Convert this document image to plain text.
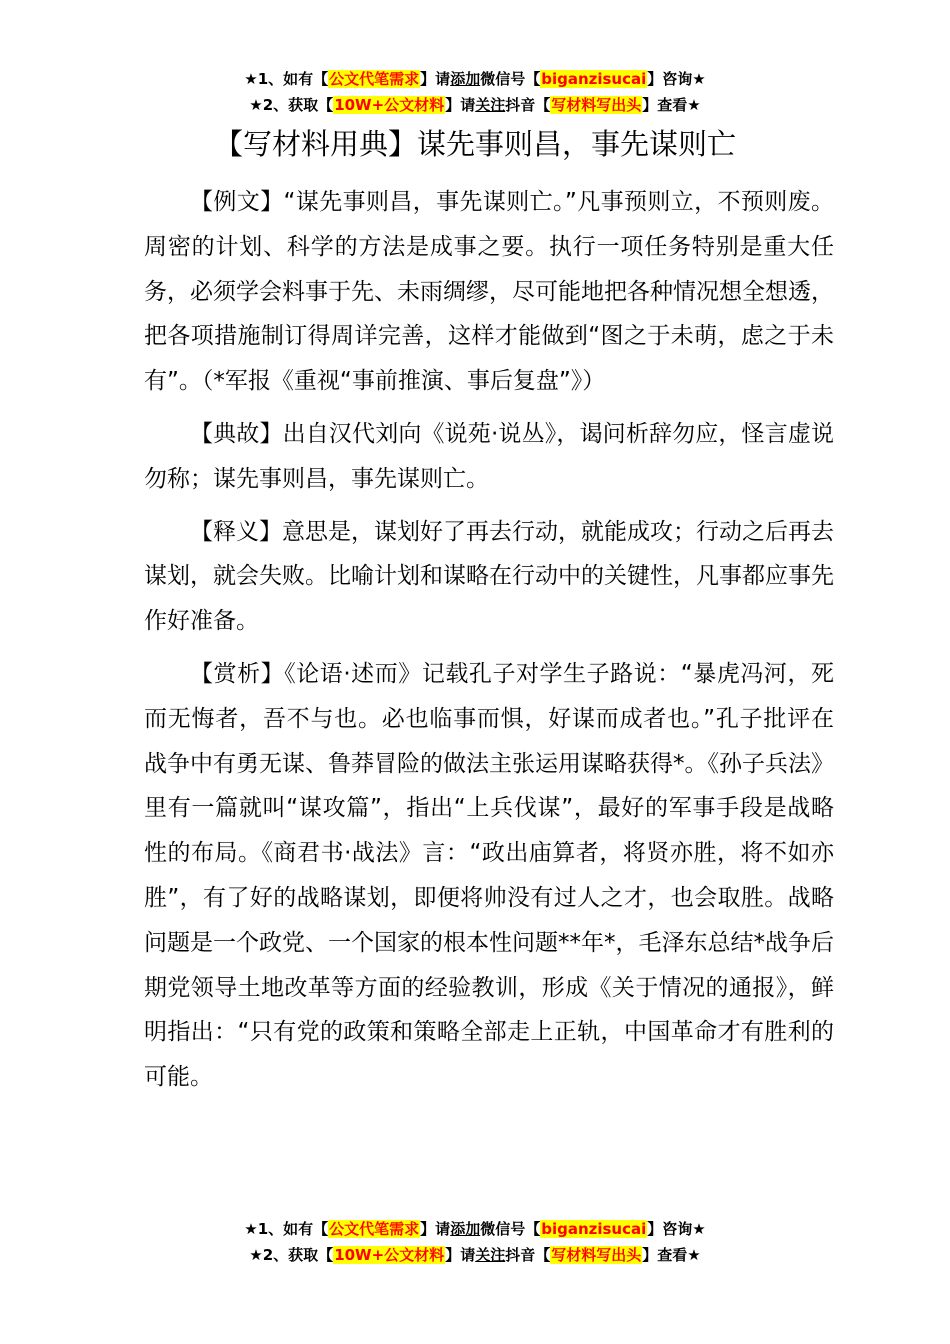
★1、如有【公文代笔需求】请添加微信号【biganzisucai】咨询★
★2、获取【10W+公文材料】请关注抖音【写材料写出头】查看★
【写材料用典】谋先事则昌，事先谋则亡

【例文】“谋先事则昌，事先谋则亡。”凡事预则立，不预则废。周密的计划、科学的方法是成事之要。执行一项任务特别是重大任务，必须学会料事于先、未雨绸缪，尽可能地把各种情况想全想透，把各项措施制订得周详完善，这样才能做到“图之于未萌，虑之于未有”。（*军报《重视“事前推演、事后复盘”》）

【典故】出自汉代刘向《说苑·说丛》，谒问析辞勿应，怪言虚说勿称；谋先事则昌，事先谋则亡。

【释义】意思是，谋划好了再去行动，就能成攻；行动之后再去谋划，就会失败。比喻计划和谋略在行动中的关键性，凡事都应事先作好准备。

【赏析】《论语·述而》记载孔子对学生子路说：“暴虎冯河，死而无悔者，吾不与也。必也临事而惧，好谋而成者也。”孔子批评在战争中有勇无谋、鲁莽冒险的做法主张运用谋略获得*。《孙子兵法》里有一篇就叫“谋攻篇”，指出“上兵伐谋”，最好的军事手段是战略性的布局。《商君书·战法》言：“政出庙算者，将贤亦胜，将不如亦胜”，有了好的战略谋划，即便将帅没有过人之才，也会取胜。战略问题是一个政党、一个国家的根本性问题**年*，毛泽东总结*战争后期党领导土地改革等方面的经验教训，形成《关于情况的通报》，鲜明指出：“只有党的政策和策略全部走上正轨，中国革命才有胜利的可能。

★1、如有【公文代笔需求】请添加微信号【biganzisucai】咨询★
★2、获取【10W+公文材料】请关注抖音【写材料写出头】查看★
